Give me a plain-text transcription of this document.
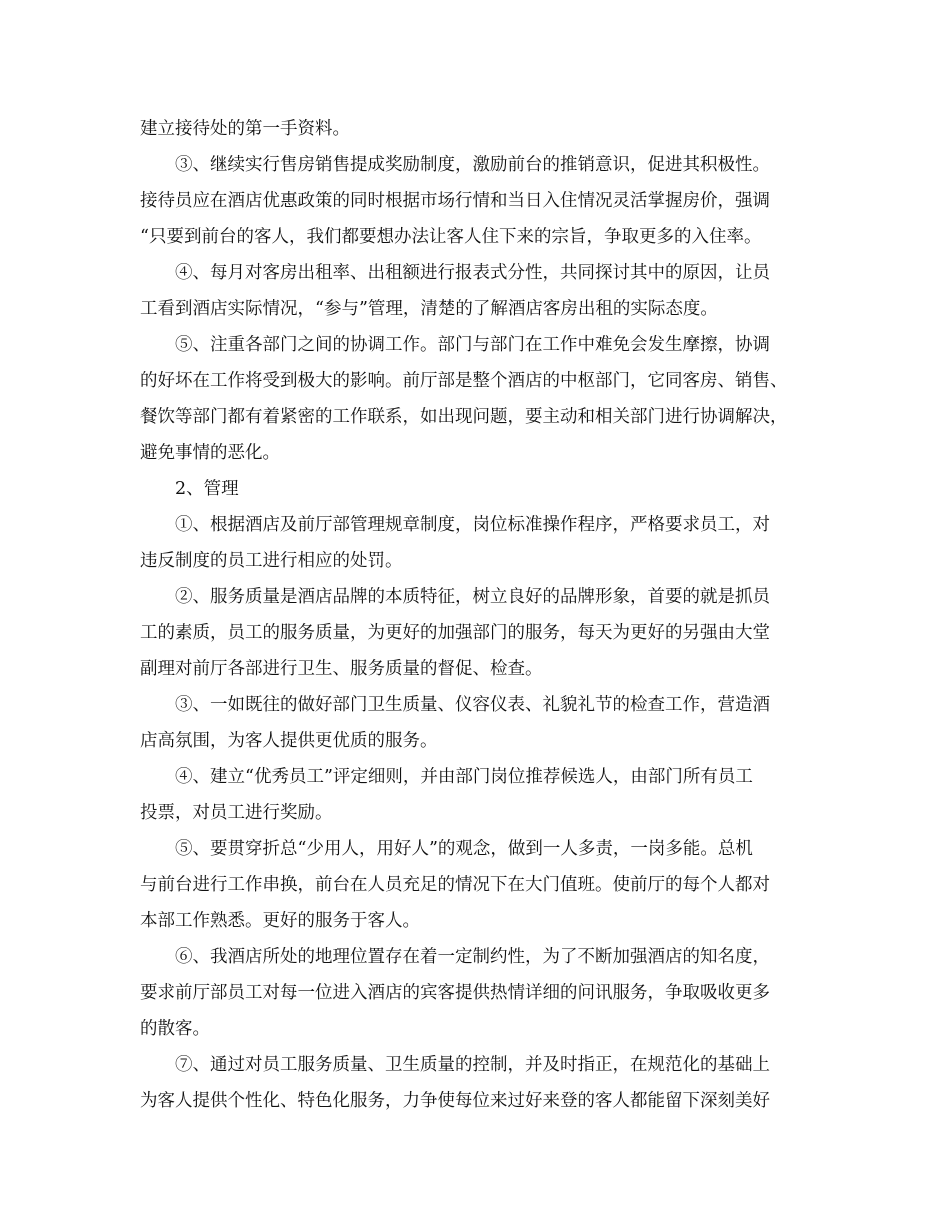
建立接待处的第一手资料。
③、继续实行售房销售提成奖励制度，激励前台的推销意识，促进其积极性。
接待员应在酒店优惠政策的同时根据市场行情和当日入住情况灵活掌握房价，强调
“只要到前台的客人，我们都要想办法让客人住下来的宗旨，争取更多的入住率。
④、每月对客房出租率、出租额进行报表式分性，共同探讨其中的原因，让员
工看到酒店实际情况，“参与”管理，清楚的了解酒店客房出租的实际态度。
⑤、注重各部门之间的协调工作。部门与部门在工作中难免会发生摩擦，协调
的好坏在工作将受到极大的影响。前厅部是整个酒店的中枢部门，它同客房、销售、
餐饮等部门都有着紧密的工作联系，如出现问题，要主动和相关部门进行协调解决，
避免事情的恶化。
2、管理
①、根据酒店及前厅部管理规章制度，岗位标准操作程序，严格要求员工，对
违反制度的员工进行相应的处罚。
②、服务质量是酒店品牌的本质特征，树立良好的品牌形象，首要的就是抓员
工的素质，员工的服务质量，为更好的加强部门的服务，每天为更好的另强由大堂
副理对前厅各部进行卫生、服务质量的督促、检查。
③、一如既往的做好部门卫生质量、仪容仪表、礼貌礼节的检查工作，营造酒
店高氛围，为客人提供更优质的服务。
④、建立“优秀员工”评定细则，并由部门岗位推荐候选人，由部门所有员工
投票，对员工进行奖励。
⑤、要贯穿折总“少用人，用好人”的观念，做到一人多责，一岗多能。总机
与前台进行工作串换，前台在人员充足的情况下在大门值班。使前厅的每个人都对
本部工作熟悉。更好的服务于客人。
⑥、我酒店所处的地理位置存在着一定制约性，为了不断加强酒店的知名度，
要求前厅部员工对每一位进入酒店的宾客提供热情详细的问讯服务，争取吸收更多
的散客。
⑦、通过对员工服务质量、卫生质量的控制，并及时指正，在规范化的基础上
为客人提供个性化、特色化服务，力争使每位来过好来登的客人都能留下深刻美好
